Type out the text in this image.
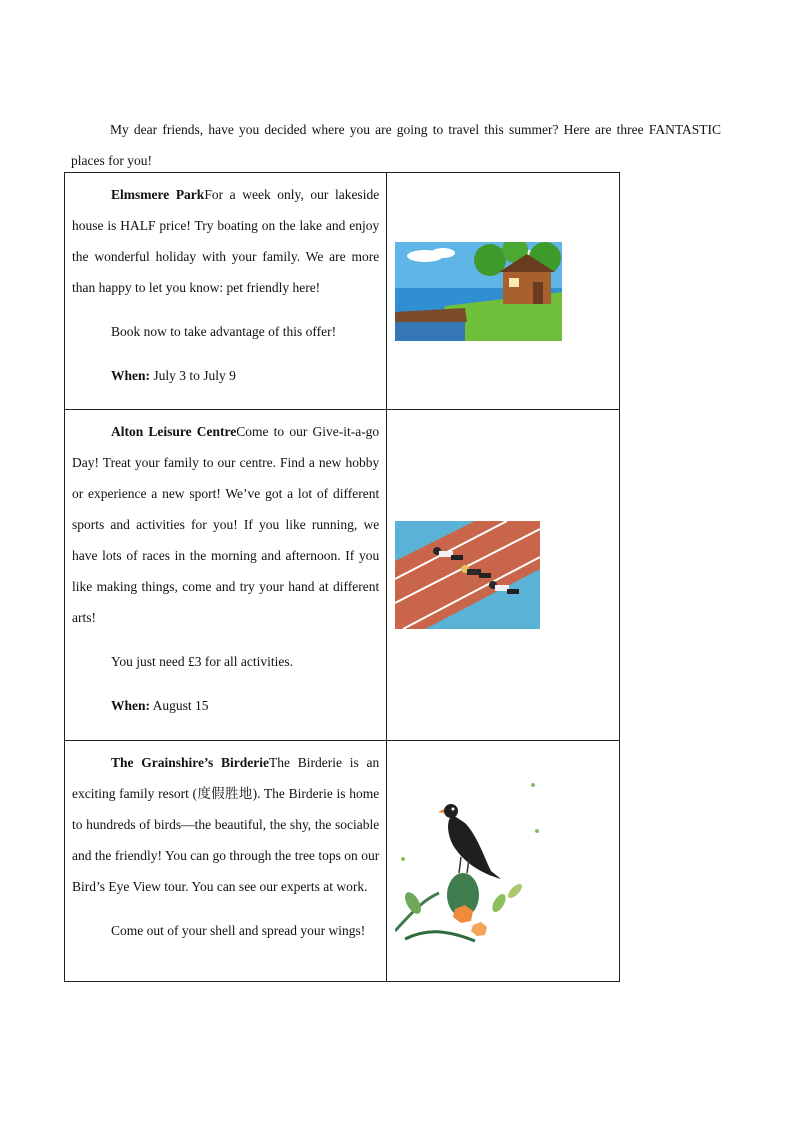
My dear friends, have you decided where you are going to travel this summer? Here are three FANTASTIC places for you!

Elmsmere ParkFor a week only, our lakeside house is HALF price! Try boating on the lake and enjoy the wonderful holiday with your family. We are more than happy to let you know: pet friendly here!

Book now to take advantage of this offer!

When: July 3 to July 9

Alton Leisure CentreCome to our Give-it-a-go Day! Treat your family to our centre. Find a new hobby or experience a new sport! We’ve got a lot of different sports and activities for you! If you like running, we have lots of races in the morning and afternoon. If you like making things, come and try your hand at different arts!

You just need £3 for all activities.

When: August 15

The Grainshire’s BirderieThe Birderie is an exciting family resort (度假胜地). The Birderie is home to hundreds of birds—the beautiful, the shy, the sociable and the friendly! You can go through the tree tops on our Bird’s Eye View tour. You can see our experts at work.

Come out of your shell and spread your wings!
